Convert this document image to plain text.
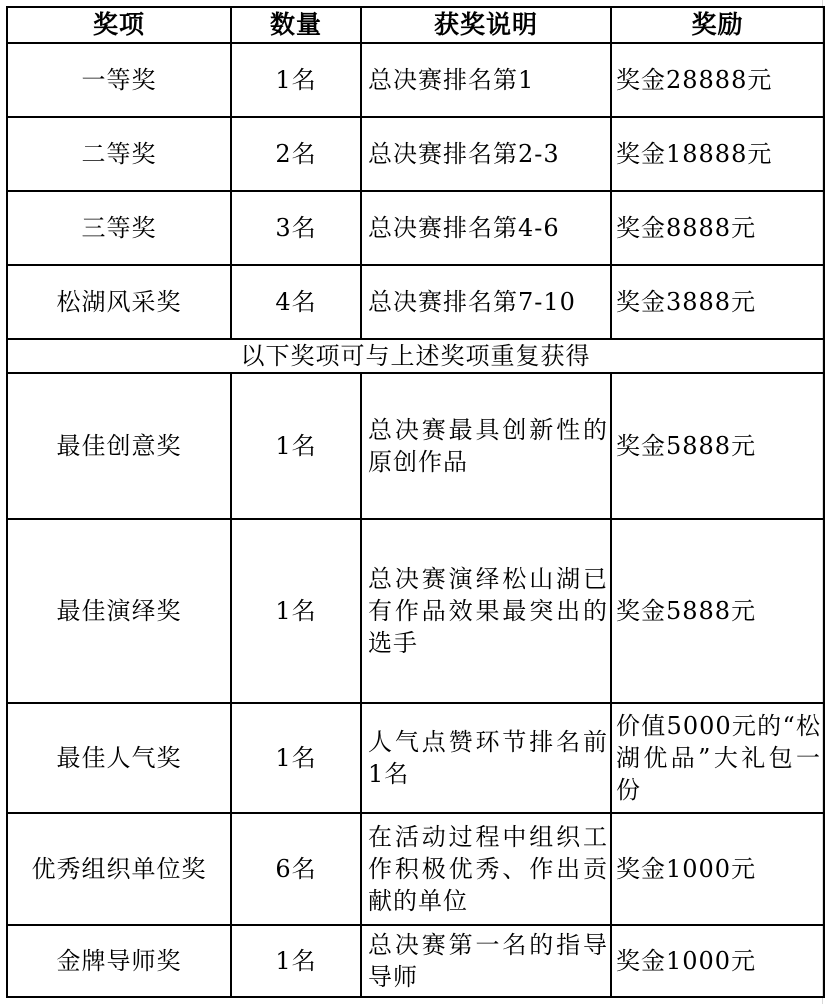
奖项	数量	获奖说明	奖励
一等奖	1名	总决赛排名第1	奖金28888元
二等奖	2名	总决赛排名第2-3	奖金18888元
三等奖	3名	总决赛排名第4-6	奖金8888元
松湖风采奖	4名	总决赛排名第7-10	奖金3888元
以下奖项可与上述奖项重复获得			
最佳创意奖	1名	总决赛最具创新性的原创作品	奖金5888元
最佳演绎奖	1名	总决赛演绎松山湖已有作品效果最突出的选手	奖金5888元
最佳人气奖	1名	人气点赞环节排名前1名	价值5000元的“松湖优品”大礼包一份
优秀组织单位奖	6名	在活动过程中组织工作积极优秀、作出贡献的单位	奖金1000元
金牌导师奖	1名	总决赛第一名的指导导师	奖金1000元
